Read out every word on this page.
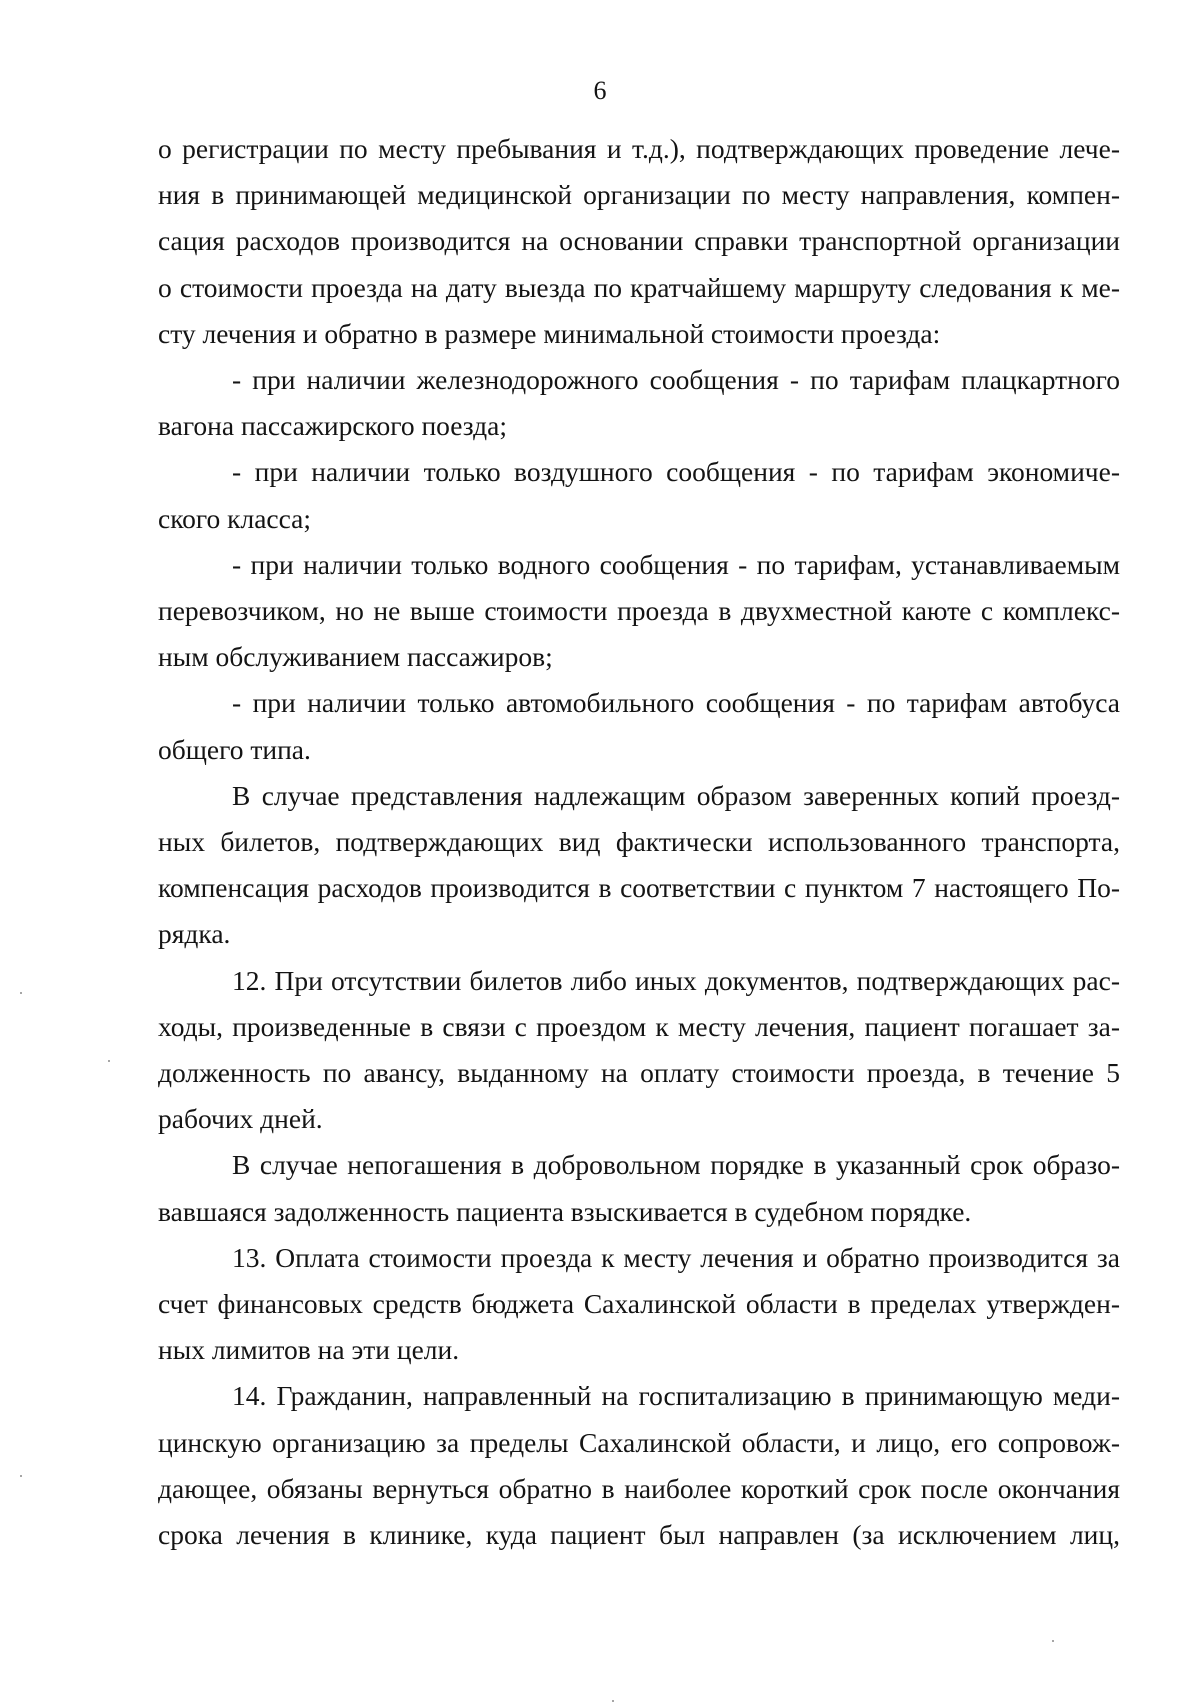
6
о регистрации по месту пребывания и т.д.), подтверждающих проведение лече-
ния в принимающей медицинской организации по месту направления, компен-
сация расходов производится на основании справки транспортной организации
о стоимости проезда на дату выезда по кратчайшему маршруту следования к ме-
сту лечения и обратно в размере минимальной стоимости проезда:
- при наличии железнодорожного сообщения - по тарифам плацкартного
вагона пассажирского поезда;
- при наличии только воздушного сообщения - по тарифам экономиче-
ского класса;
- при наличии только водного сообщения - по тарифам, устанавливаемым
перевозчиком, но не выше стоимости проезда в двухместной каюте с комплекс-
ным обслуживанием пассажиров;
- при наличии только автомобильного сообщения - по тарифам автобуса
общего типа.
В случае представления надлежащим образом заверенных копий проезд-
ных билетов, подтверждающих вид фактически использованного транспорта,
компенсация расходов производится в соответствии с пунктом 7 настоящего По-
рядка.
12. При отсутствии билетов либо иных документов, подтверждающих рас-
ходы, произведенные в связи с проездом к месту лечения, пациент погашает за-
долженность по авансу, выданному на оплату стоимости проезда, в течение 5
рабочих дней.
В случае непогашения в добровольном порядке в указанный срок образо-
вавшаяся задолженность пациента взыскивается в судебном порядке.
13. Оплата стоимости проезда к месту лечения и обратно производится за
счет финансовых средств бюджета Сахалинской области в пределах утвержден-
ных лимитов на эти цели.
14. Гражданин, направленный на госпитализацию в принимающую меди-
цинскую организацию за пределы Сахалинской области, и лицо, его сопровож-
дающее, обязаны вернуться обратно в наиболее короткий срок после окончания
срока лечения в клинике, куда пациент был направлен (за исключением лиц,
